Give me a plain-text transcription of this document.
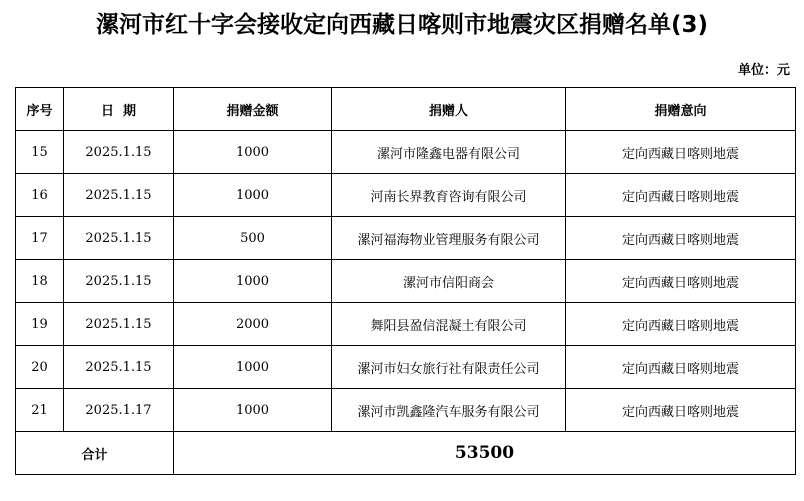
漯河市红十字会接收定向西藏日喀则市地震灾区捐赠名单(3)
单位：元
序号	日  期	捐赠金额	捐赠人	捐赠意向
15	2025.1.15	1000	漯河市隆鑫电器有限公司	定向西藏日喀则地震
16	2025.1.15	1000	河南长界教育咨询有限公司	定向西藏日喀则地震
17	2025.1.15	500	漯河福海物业管理服务有限公司	定向西藏日喀则地震
18	2025.1.15	1000	漯河市信阳商会	定向西藏日喀则地震
19	2025.1.15	2000	舞阳县盈信混凝土有限公司	定向西藏日喀则地震
20	2025.1.15	1000	漯河市妇女旅行社有限责任公司	定向西藏日喀则地震
21	2025.1.17	1000	漯河市凯鑫隆汽车服务有限公司	定向西藏日喀则地震
合计		53500		
